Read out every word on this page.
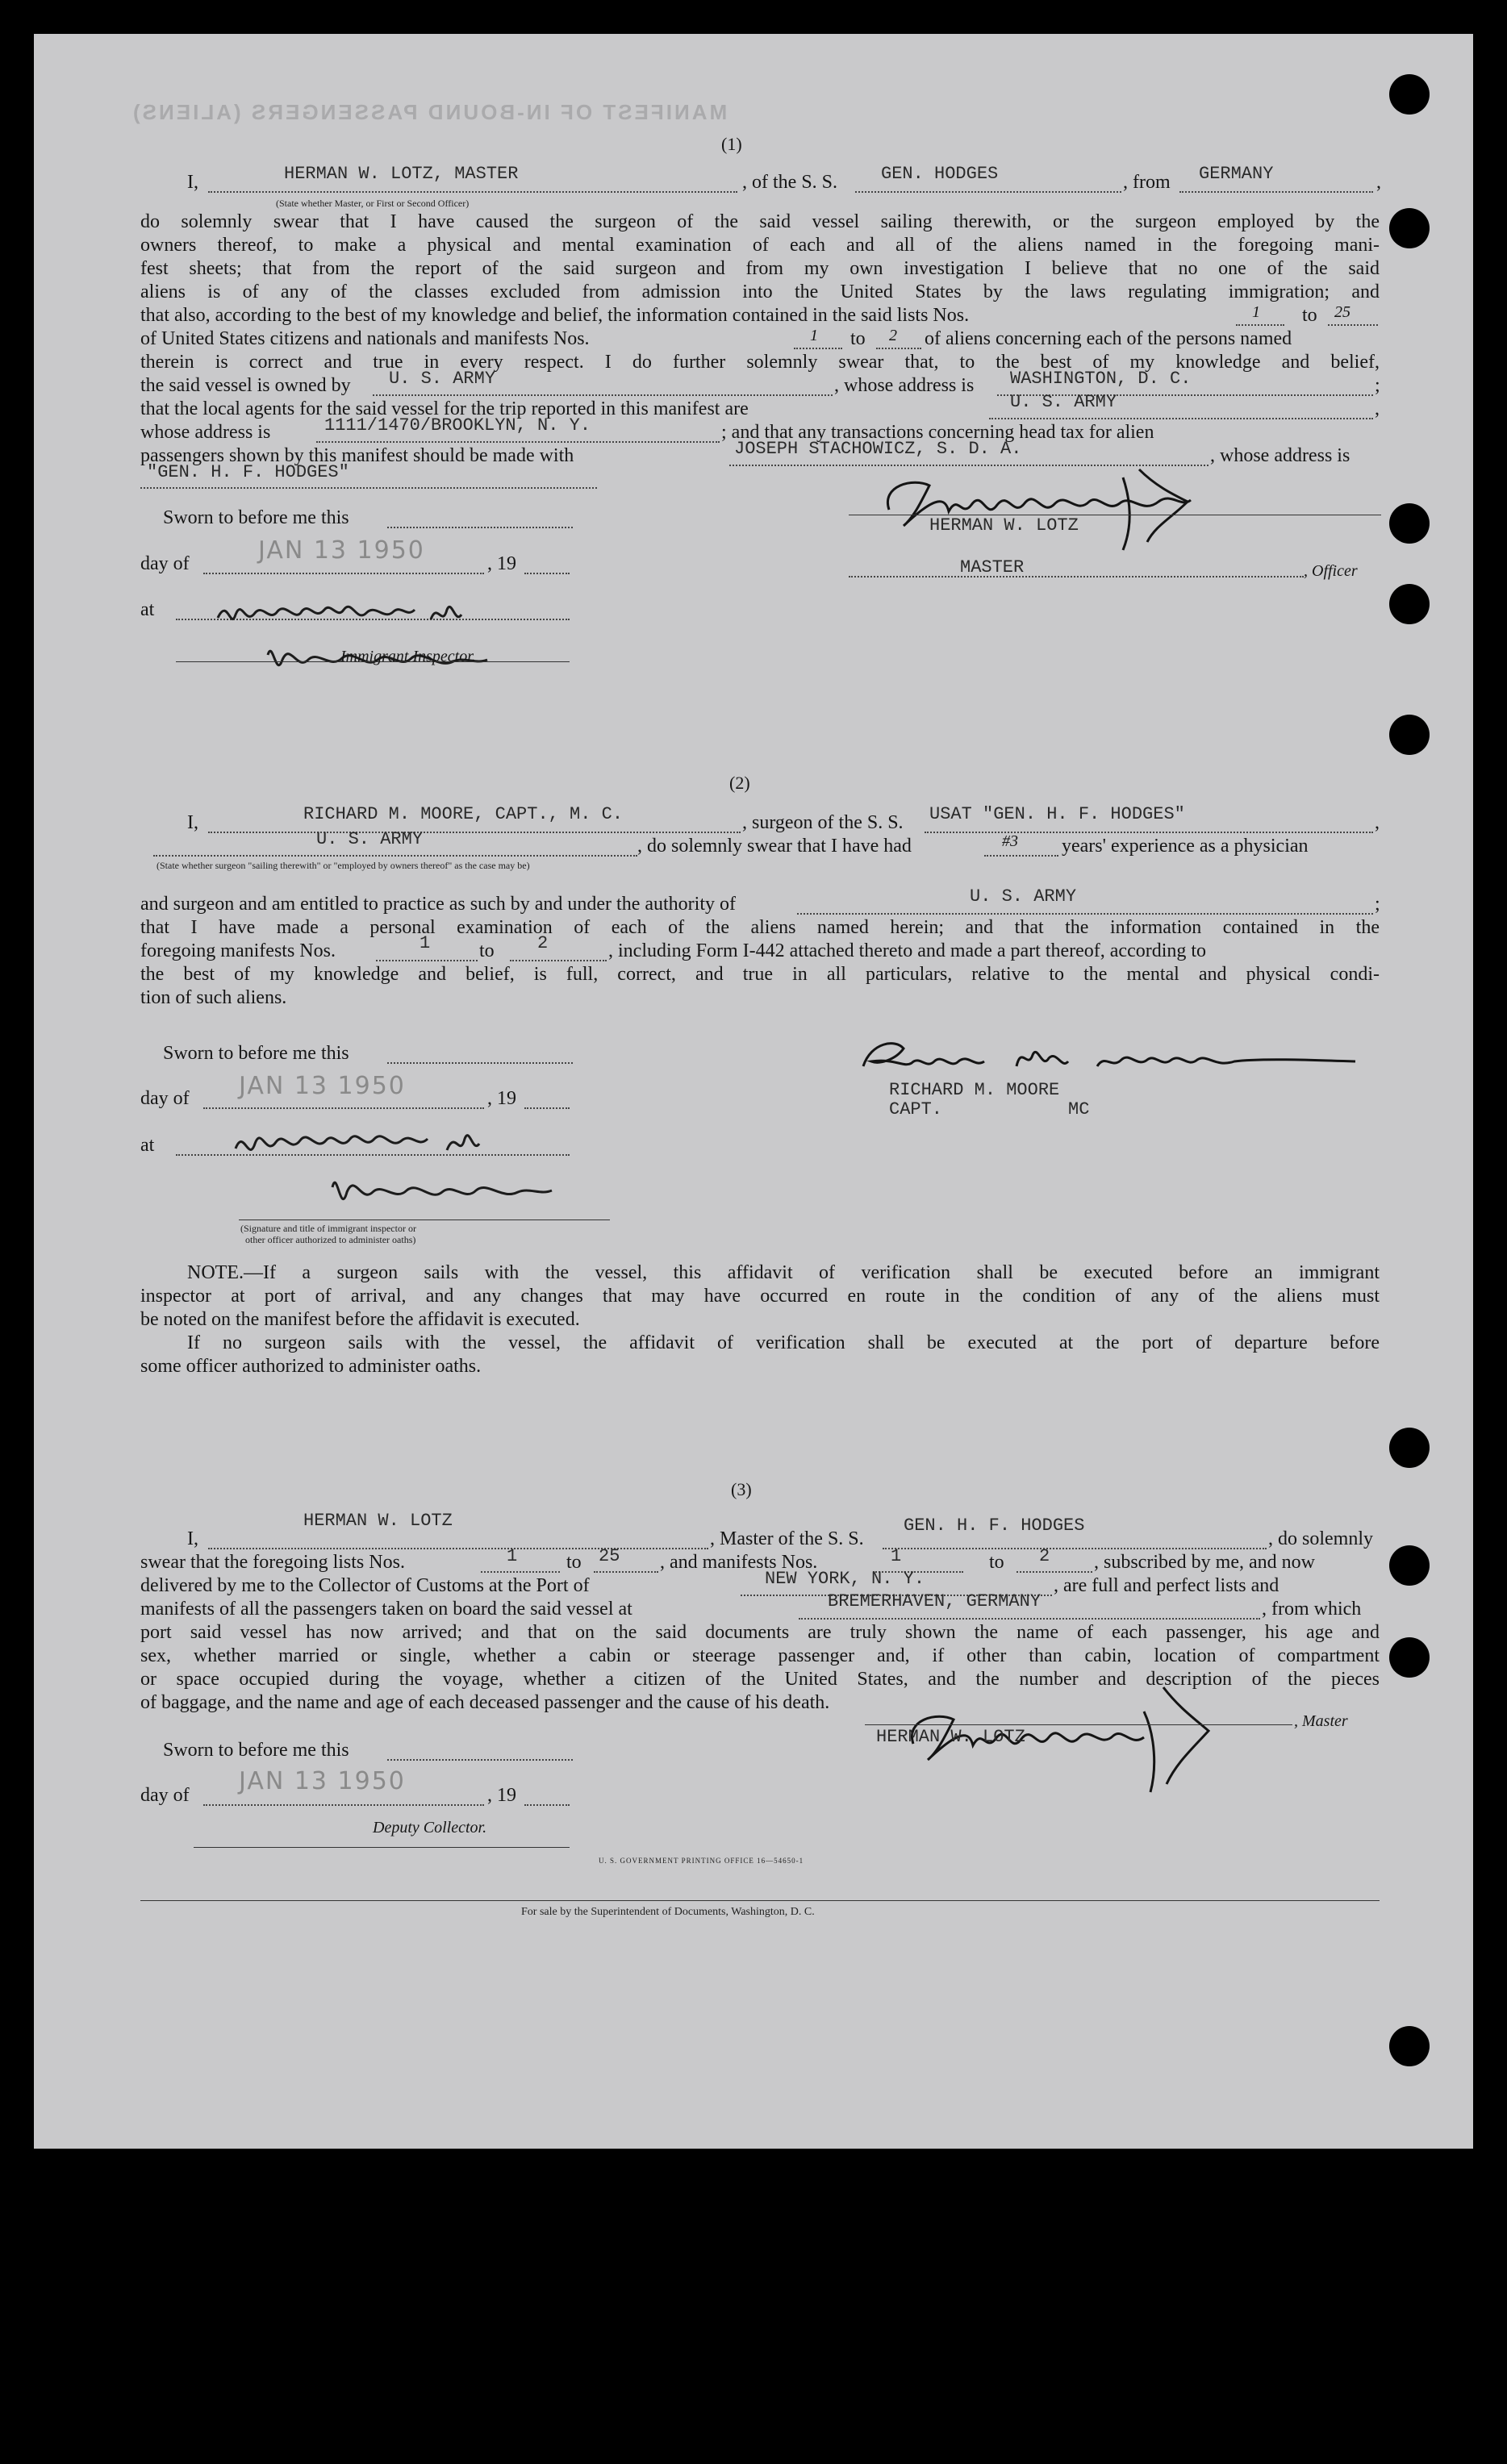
MANIFEST OF IN-BOUND PASSENGERS (ALIENS)
(1)
I,	HERMAN W. LOTZ, MASTER
(State whether Master, or First or Second Officer)
, of the S. S. GEN. HODGES	, from GERMANY	,
do solemnly swear that I have caused the surgeon of the said vessel sailing therewith, or the surgeon employed by the
owners thereof, to make a physical and mental examination of each and all of the aliens named in the foregoing mani-
fest sheets; that from the report of the said surgeon and from my own investigation I believe that no one of the said
aliens is of any of the classes excluded from admission into the United States by the laws regulating immigration; and
that also, according to the best of my knowledge and belief, the information contained in the said lists Nos.	1 to 25
of United States citizens and nationals and manifests Nos.	1 to 2 of aliens concerning each of the persons named
therein is correct and true in every respect. I do further solemnly swear that, to the best of my knowledge and belief,
the said vessel is owned by U. S. ARMY	, whose address is WASHINGTON, D. C.	;
that the local agents for the said vessel for the trip reported in this manifest are	U. S. ARMY	,
whose address is	1111/1470/BROOKLYN, N. Y.	; and that any transactions concerning head tax for alien
passengers shown by this manifest should be made with	JOSEPH STACHOWICZ, S. D. A.	, whose address is
"GEN. H. F. HODGES"
Sworn to before me this
day of	JAN 13 1950	, 19
at
Immigrant Inspector.
HERMAN W. LOTZ
MASTER	, Officer
(2)
I,	RICHARD M. MOORE, CAPT., M. C.	, surgeon of the S. S. USAT "GEN. H. F. HODGES"	,
U. S. ARMY
(State whether surgeon "sailing therewith" or "employed by owners thereof" as the case may be)
, do solemnly swear that I have had	#3 years' experience as a physician
and surgeon and am entitled to practice as such by and under the authority of	U. S. ARMY	;
that I have made a personal examination of each of the aliens named herein; and that the information contained in the
foregoing manifests Nos.	1	to 2	, including Form I-442 attached thereto and made a part thereof, according to
the best of my knowledge and belief, is full, correct, and true in all particulars, relative to the mental and physical condi-
tion of such aliens.
Sworn to before me this
day of JAN 13 1950	, 19
at
(Signature and title of immigrant inspector or
other officer authorized to administer oaths)
RICHARD M. MOORE
CAPT.	MC
NOTE.—If a surgeon sails with the vessel, this affidavit of verification shall be executed before an immigrant
inspector at port of arrival, and any changes that may have occurred en route in the condition of any of the aliens must
be noted on the manifest before the affidavit is executed.
If no surgeon sails with the vessel, the affidavit of verification shall be executed at the port of departure before
some officer authorized to administer oaths.
(3)
I,
HERMAN W. LOTZ
, Master of the S. S.
GEN. H. F. HODGES
, do solemnly
swear that the foregoing lists Nos.	1	to 25 , and manifests Nos.	1	to 2 , subscribed by me, and now
delivered by me to the Collector of Customs at the Port of	NEW YORK, N. Y.	, are full and perfect lists and
manifests of all the passengers taken on board the said vessel at	BREMERHAVEN, GERMANY	, from which
port said vessel has now arrived; and that on the said documents are truly shown the name of each passenger, his age and
sex, whether married or single, whether a cabin or steerage passenger and, if other than cabin, location of compartment
or space occupied during the voyage, whether a citizen of the United States, and the number and description of the pieces
of baggage, and the name and age of each deceased passenger and the cause of his death.
Sworn to before me this
day of JAN 13 1950	, 19
Deputy Collector.
HERMAN W. LOTZ
, Master
U. S. GOVERNMENT PRINTING OFFICE 16—54650-1
For sale by the Superintendent of Documents, Washington, D. C.
